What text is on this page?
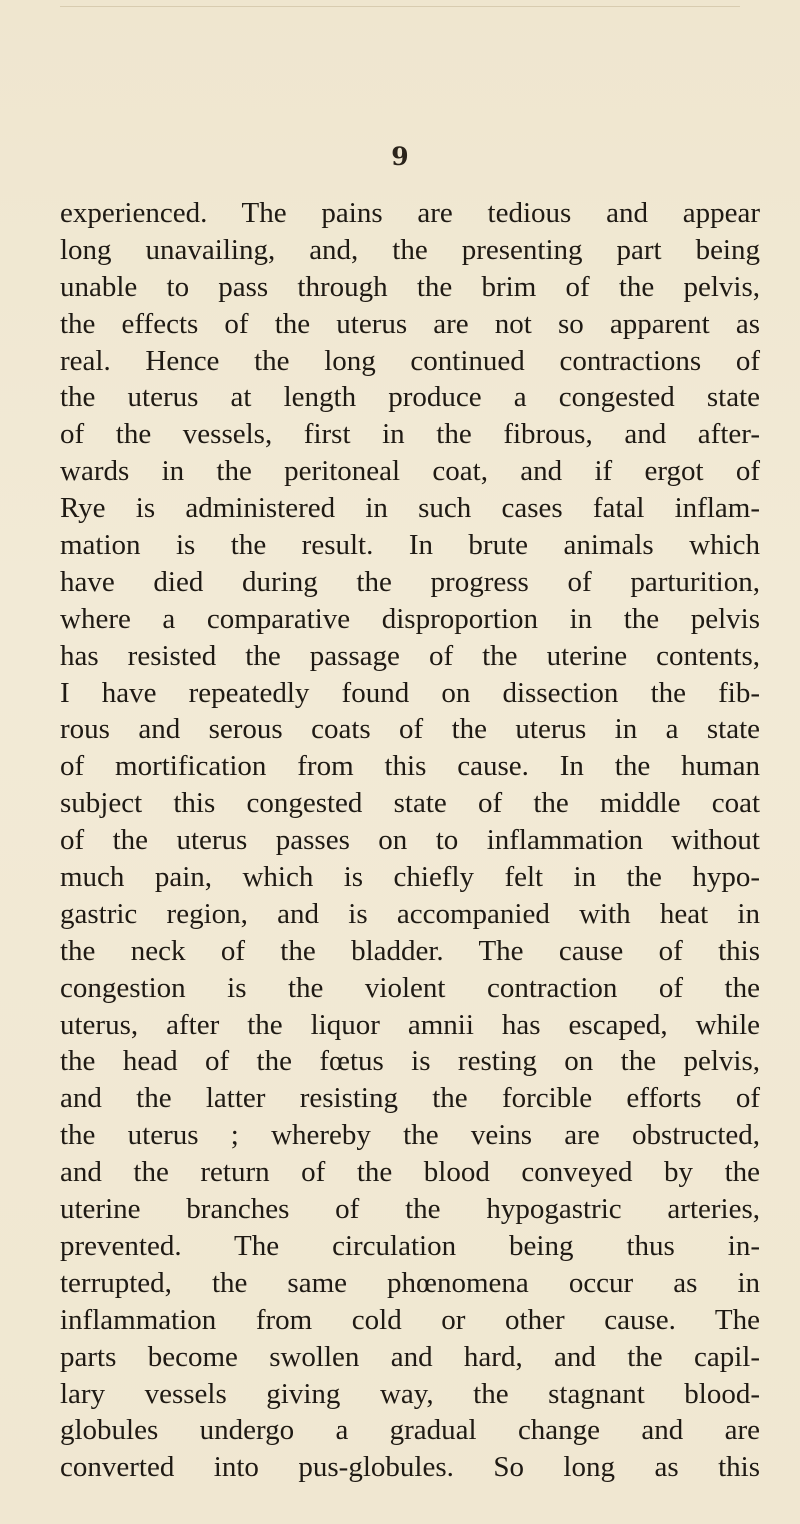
9
experienced. The pains are tedious and appear
long unavailing, and, the presenting part being
unable to pass through the brim of the pelvis,
the effects of the uterus are not so apparent as
real. Hence the long continued contractions of
the uterus at length produce a congested state
of the vessels, first in the fibrous, and after-
wards in the peritoneal coat, and if ergot of
Rye is administered in such cases fatal inflam-
mation is the result. In brute animals which
have died during the progress of parturition,
where a comparative disproportion in the pelvis
has resisted the passage of the uterine contents,
I have repeatedly found on dissection the fib-
rous and serous coats of the uterus in a state
of mortification from this cause. In the human
subject this congested state of the middle coat
of the uterus passes on to inflammation without
much pain, which is chiefly felt in the hypo-
gastric region, and is accompanied with heat in
the neck of the bladder. The cause of this
congestion is the violent contraction of the
uterus, after the liquor amnii has escaped, while
the head of the fœtus is resting on the pelvis,
and the latter resisting the forcible efforts of
the uterus ; whereby the veins are obstructed,
and the return of the blood conveyed by the
uterine branches of the hypogastric arteries,
prevented. The circulation being thus in-
terrupted, the same phœnomena occur as in
inflammation from cold or other cause. The
parts become swollen and hard, and the capil-
lary vessels giving way, the stagnant blood-
globules undergo a gradual change and are
converted into pus-globules. So long as this
